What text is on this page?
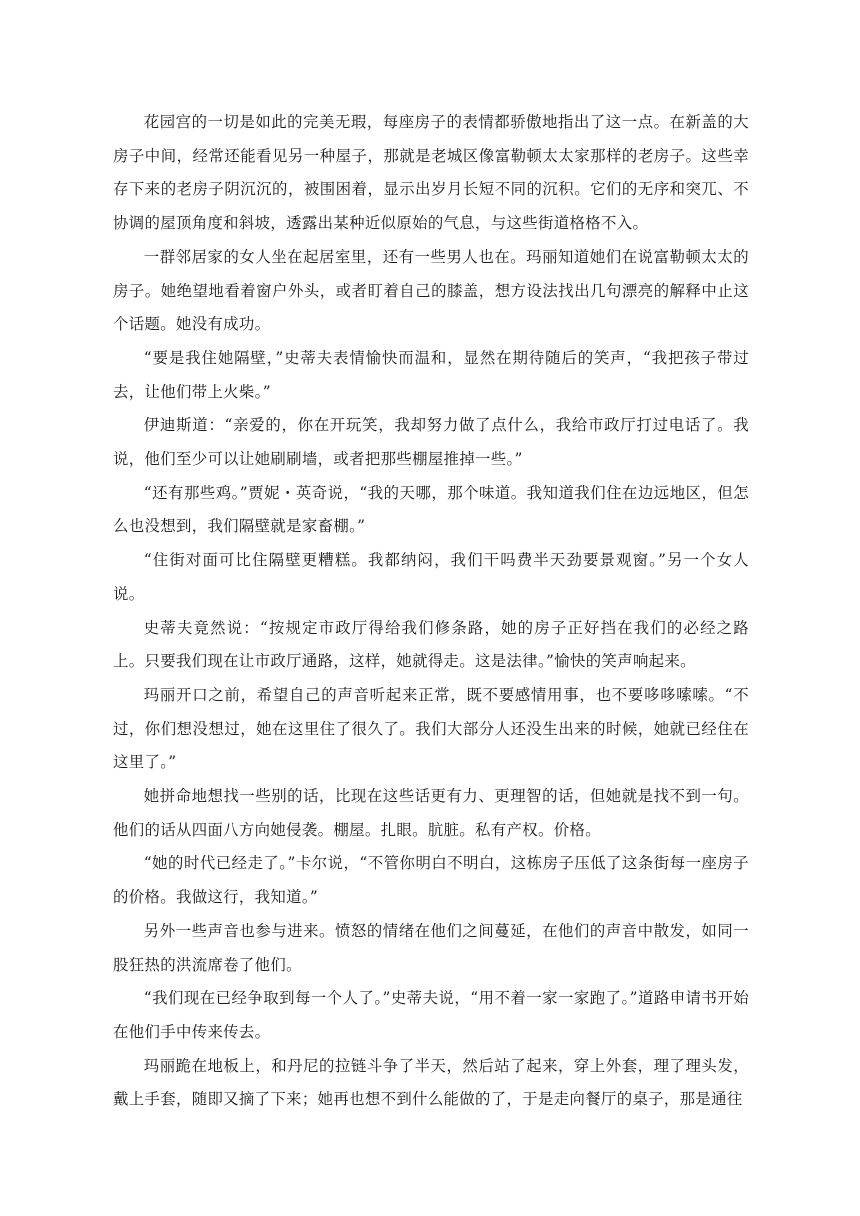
花园宫的一切是如此的完美无瑕，每座房子的表情都骄傲地指出了这一点。在新盖的大房子中间，经常还能看见另一种屋子，那就是老城区像富勒顿太太家那样的老房子。这些幸存下来的老房子阴沉沉的，被围困着，显示出岁月长短不同的沉积。它们的无序和突兀、不协调的屋顶角度和斜坡，透露出某种近似原始的气息，与这些街道格格不入。

一群邻居家的女人坐在起居室里，还有一些男人也在。玛丽知道她们在说富勒顿太太的房子。她绝望地看着窗户外头，或者盯着自己的膝盖，想方设法找出几句漂亮的解释中止这个话题。她没有成功。

“要是我住她隔壁，”史蒂夫表情愉快而温和，显然在期待随后的笑声，“我把孩子带过去，让他们带上火柴。”

伊迪斯道：“亲爱的，你在开玩笑，我却努力做了点什么，我给市政厅打过电话了。我说，他们至少可以让她刷刷墙，或者把那些棚屋推掉一些。”

“还有那些鸡。”贾妮・英奇说，“我的天哪，那个味道。我知道我们住在边远地区，但怎么也没想到，我们隔壁就是家畜棚。”

“住街对面可比住隔壁更糟糕。我都纳闷，我们干吗费半天劲要景观窗。”另一个女人说。

史蒂夫竟然说：“按规定市政厅得给我们修条路，她的房子正好挡在我们的必经之路上。只要我们现在让市政厅通路，这样，她就得走。这是法律。”愉快的笑声响起来。

玛丽开口之前，希望自己的声音听起来正常，既不要感情用事，也不要哆哆嗦嗦。“不过，你们想没想过，她在这里住了很久了。我们大部分人还没生出来的时候，她就已经住在这里了。”

她拼命地想找一些别的话，比现在这些话更有力、更理智的话，但她就是找不到一句。他们的话从四面八方向她侵袭。棚屋。扎眼。肮脏。私有产权。价格。

“她的时代已经走了。”卡尔说，“不管你明白不明白，这栋房子压低了这条街每一座房子的价格。我做这行，我知道。”

另外一些声音也参与进来。愤怒的情绪在他们之间蔓延，在他们的声音中散发，如同一股狂热的洪流席卷了他们。

“我们现在已经争取到每一个人了。”史蒂夫说，“用不着一家一家跑了。”道路申请书开始在他们手中传来传去。

玛丽跪在地板上，和丹尼的拉链斗争了半天，然后站了起来，穿上外套，理了理头发，戴上手套，随即又摘了下来；她再也想不到什么能做的了，于是走向餐厅的桌子，那是通往
